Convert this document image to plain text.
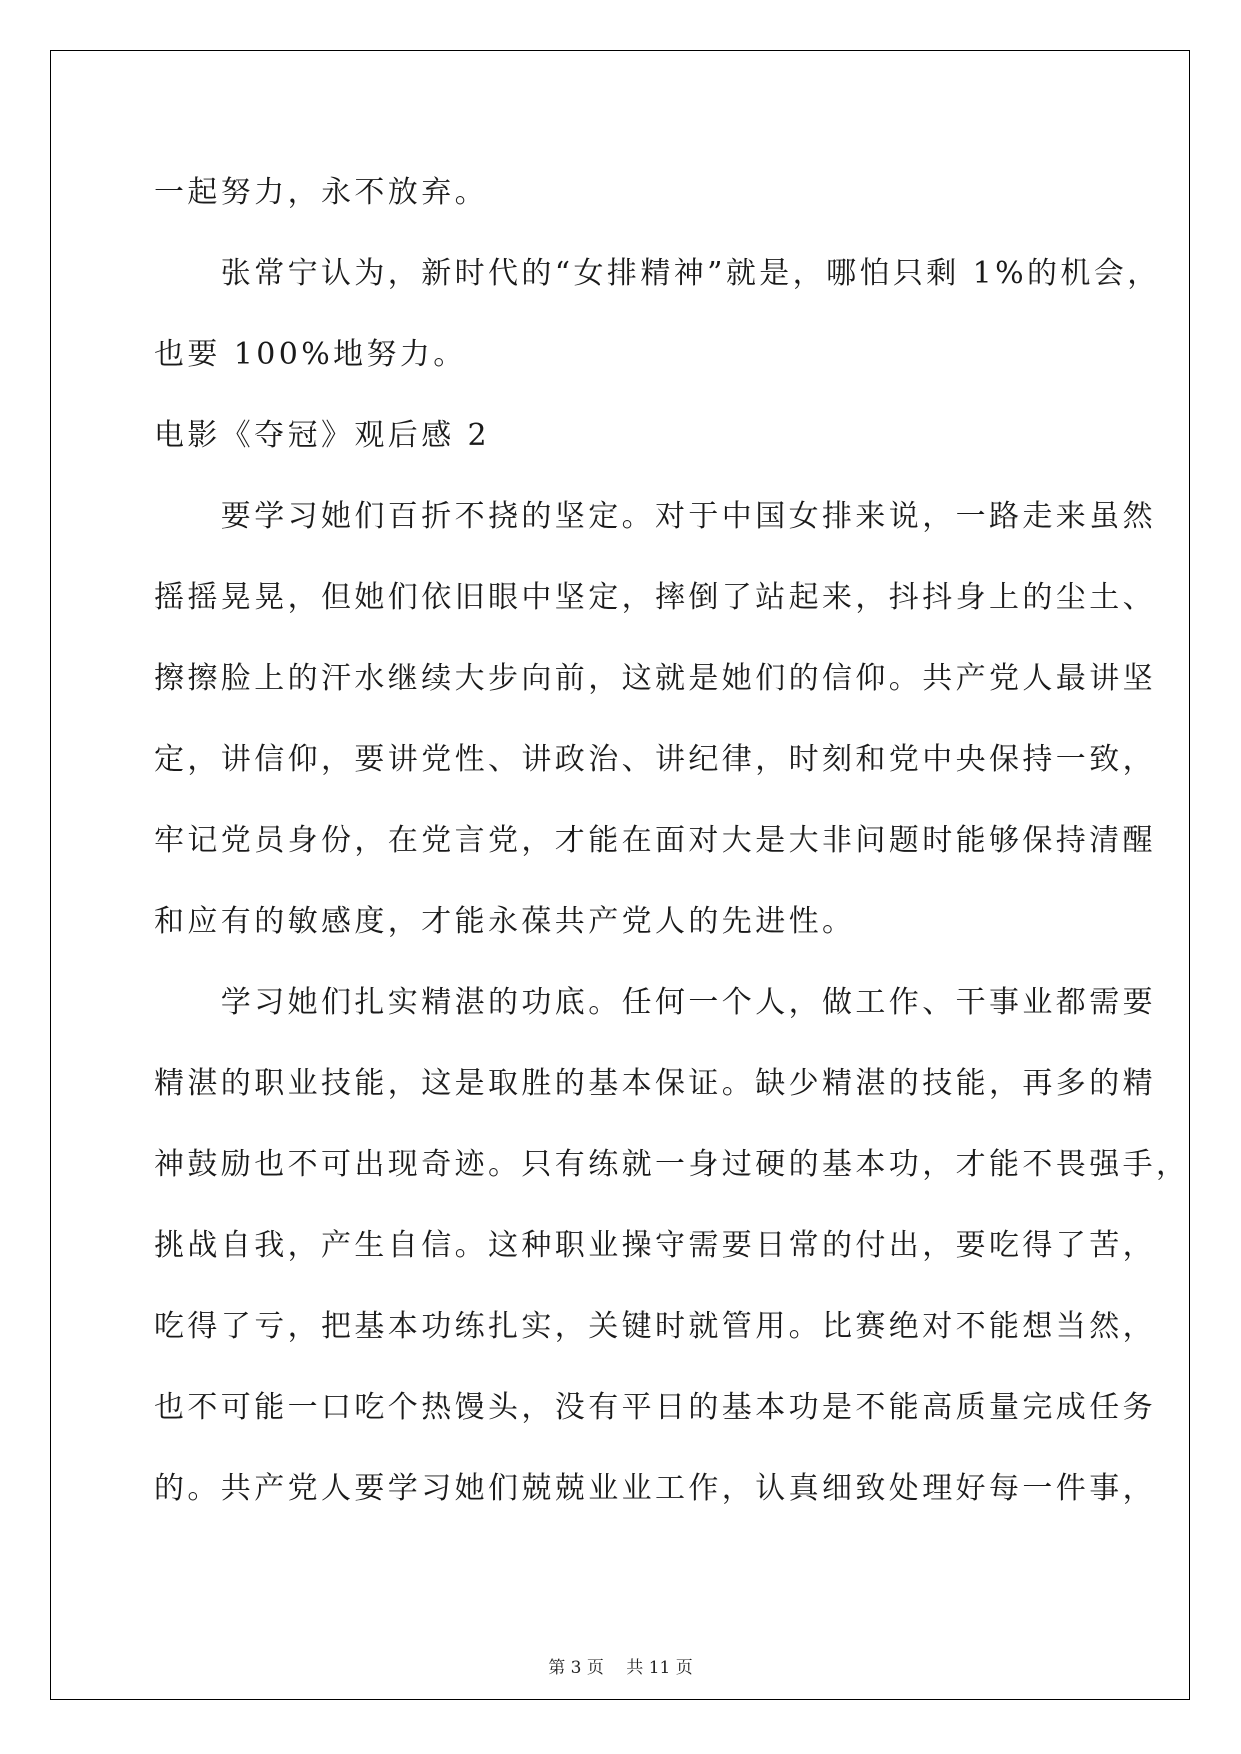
一起努力，永不放弃。
　　张常宁认为，新时代的“女排精神”就是，哪怕只剩 1%的机会，
也要 100%地努力。
电影《夺冠》观后感 2
　　要学习她们百折不挠的坚定。对于中国女排来说，一路走来虽然
摇摇晃晃，但她们依旧眼中坚定，摔倒了站起来，抖抖身上的尘土、
擦擦脸上的汗水继续大步向前，这就是她们的信仰。共产党人最讲坚
定，讲信仰，要讲党性、讲政治、讲纪律，时刻和党中央保持一致，
牢记党员身份，在党言党，才能在面对大是大非问题时能够保持清醒
和应有的敏感度，才能永葆共产党人的先进性。
　　学习她们扎实精湛的功底。任何一个人，做工作、干事业都需要
精湛的职业技能，这是取胜的基本保证。缺少精湛的技能，再多的精
神鼓励也不可出现奇迹。只有练就一身过硬的基本功，才能不畏强手，
挑战自我，产生自信。这种职业操守需要日常的付出，要吃得了苦，
吃得了亏，把基本功练扎实，关键时就管用。比赛绝对不能想当然，
也不可能一口吃个热馒头，没有平日的基本功是不能高质量完成任务
的。共产党人要学习她们兢兢业业工作，认真细致处理好每一件事，
第 3 页　 共 11 页
